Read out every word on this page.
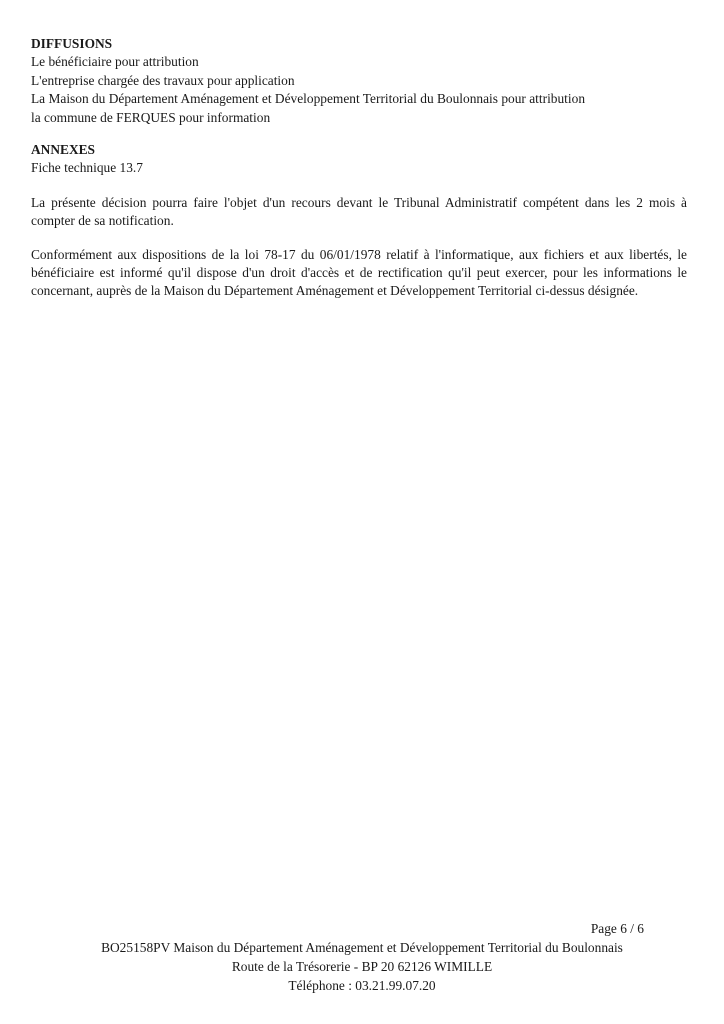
DIFFUSIONS

Le bénéficiaire pour attribution

L'entreprise chargée des travaux pour application

La Maison du Département Aménagement et Développement Territorial du Boulonnais pour attribution

la commune de FERQUES pour information

ANNEXES

Fiche technique 13.7

La présente décision pourra faire l'objet d'un recours devant le Tribunal Administratif compétent dans les 2 mois à compter de sa notification.

Conformément aux dispositions de la loi 78-17 du 06/01/1978 relatif à l'informatique, aux fichiers et aux libertés, le bénéficiaire est informé qu'il dispose d'un droit d'accès et de rectification qu'il peut exercer, pour les informations le concernant, auprès de la Maison du Département Aménagement et Développement Territorial ci-dessus désignée.

Page 6 / 6
BO25158PV Maison du Département Aménagement et Développement Territorial du Boulonnais
Route de la Trésorerie - BP 20 62126 WIMILLE
Téléphone : 03.21.99.07.20
